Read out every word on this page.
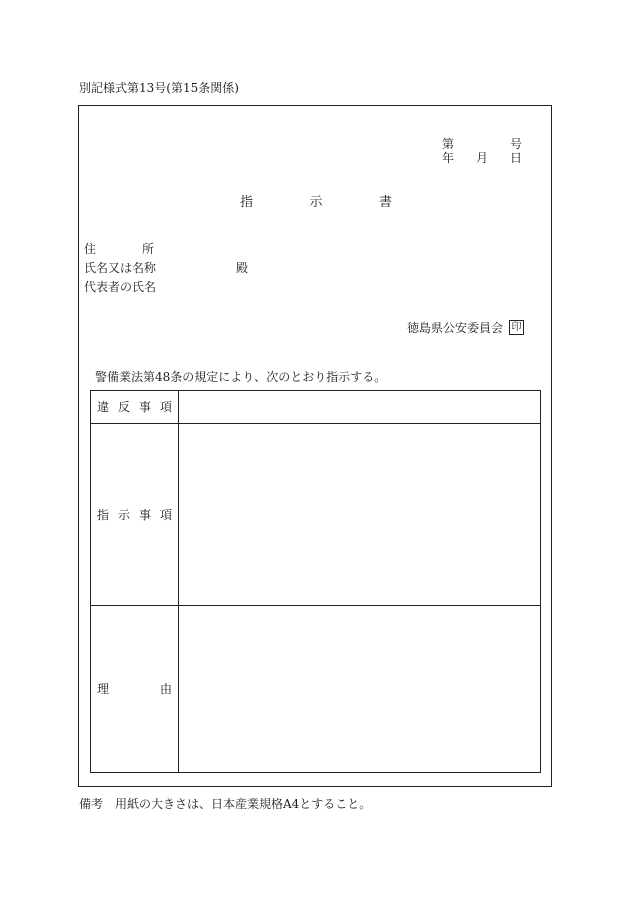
別記様式第13号(第15条関係)
第	号
年 月 日
指	示	書
住	所
氏名又は名称	殿
代表者の氏名
徳島県公安委員会 印
警備業法第48条の規定により、次のとおり指示する。
違 反 事 項
指 示 事 項
理	由
備考　用紙の大きさは、日本産業規格A4とすること。
